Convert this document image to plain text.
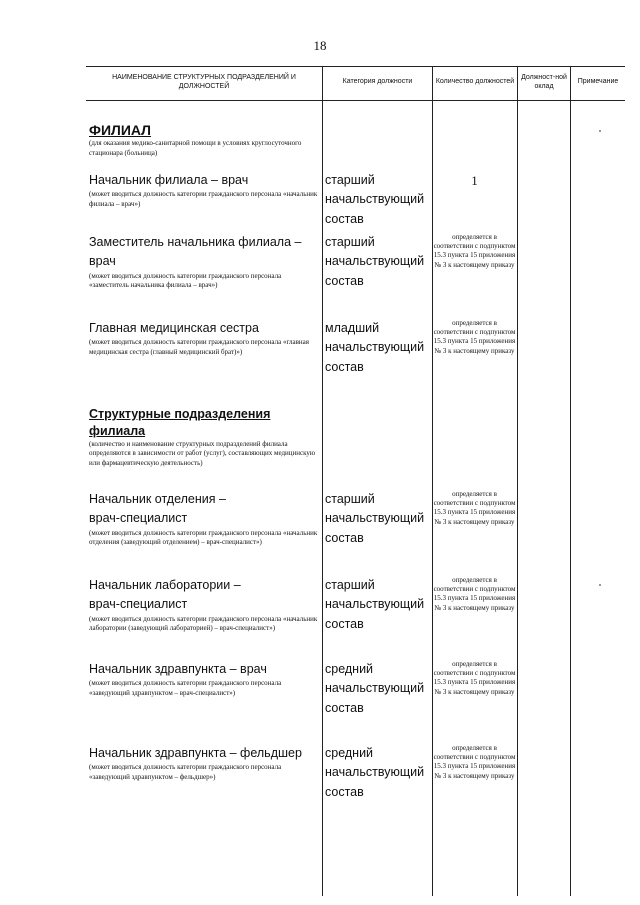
18
НАИМЕНОВАНИЕ СТРУКТУРНЫХ ПОДРАЗДЕЛЕНИЙ И ДОЛЖНОСТЕЙ
Категория должности	Количество должностей
Должност-ной оклад
Примечание
ФИЛИАЛ
(для оказания медико-санитарной помощи в условиях круглосуточного стационара (больница)
Начальник филиала – врач
(может вводиться должность категории гражданского персонала «начальник филиала – врач»)
старший начальствующий состав
1
Заместитель начальника филиала – врач
(может вводиться должность категории гражданского персонала «заместитель начальника филиала – врач»)
старший начальствующий состав
определяется в соответствии с подпунктом 15.3 пункта 15 приложения № 3 к настоящему приказу
Главная медицинская сестра
(может вводиться должность категории гражданского персонала «главная медицинская сестра (главный медицинский брат)»)
младший начальствующий состав
определяется в соответствии с подпунктом 15.3 пункта 15 приложения № 3 к настоящему приказу
Структурные подразделения филиала
(количество и наименование структурных подразделений филиала определяются в зависимости от работ (услуг), составляющих медицинскую или фармацевтическую деятельность)
Начальник отделения – врач-специалист
(может вводиться должность категории гражданского персонала «начальник отделения (заведующий отделением) – врач-специалист»)
старший начальствующий состав
определяется в соответствии с подпунктом 15.3 пункта 15 приложения № 3 к настоящему приказу
Начальник лаборатории – врач-специалист
(может вводиться должность категории гражданского персонала «начальник лаборатории (заведующий лабораторией) – врач-специалист»)
старший начальствующий состав
определяется в соответствии с подпунктом 15.3 пункта 15 приложения № 3 к настоящему приказу
Начальник здравпункта – врач
(может вводиться должность категории гражданского персонала «заведующий здравпунктом – врач-специалист»)
средний начальствующий состав
определяется в соответствии с подпунктом 15.3 пункта 15 приложения № 3 к настоящему приказу
Начальник здравпункта – фельдшер
(может вводиться должность категории гражданского персонала «заведующий здравпунктом – фельдшер»)
средний начальствующий состав
определяется в соответствии с подпунктом 15.3 пункта 15 приложения № 3 к настоящему приказу
